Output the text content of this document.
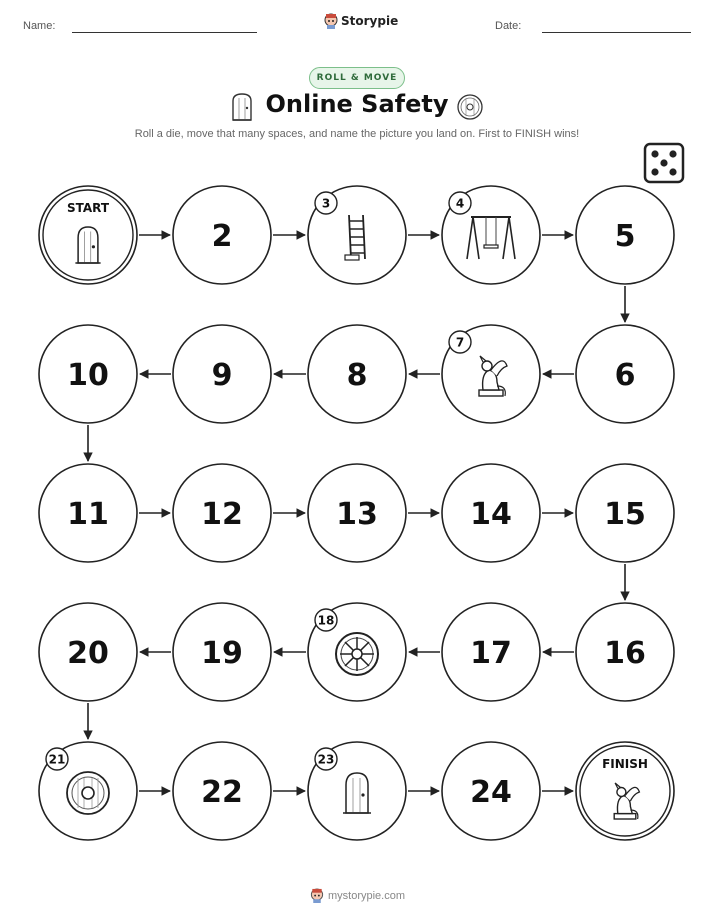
Name:	Storypie	Date:
ROLL & MOVE
Online Safety
Roll a die, move that many spaces, and name the picture you land on. First to FINISH wins!
START
2
3	4
5
6
7
8
9
10
11	12	13	14	15
16
17
18
19
20
21
22
23
24
FINISH
mystorypie.com
